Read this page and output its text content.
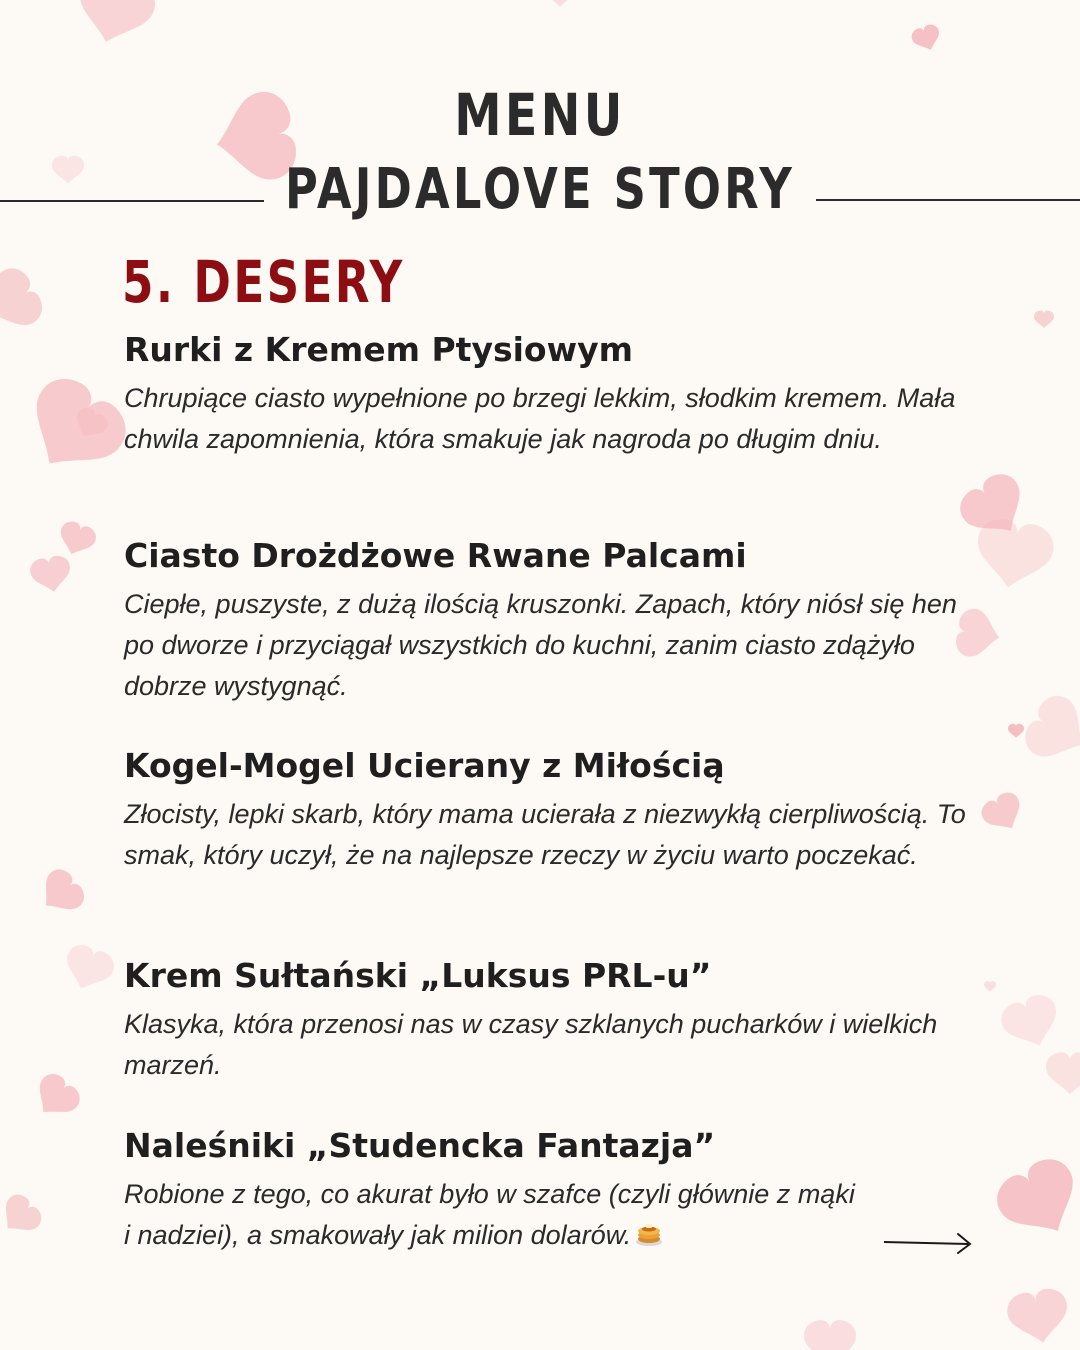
MENU
PAJDALOVE STORY
5. DESERY
Rurki z Kremem Ptysiowym
Chrupiące ciasto wypełnione po brzegi lekkim, słodkim kremem. Mała chwila zapomnienia, która smakuje jak nagroda po długim dniu.
Ciasto Drożdżowe Rwane Palcami
Ciepłe, puszyste, z dużą ilością kruszonki. Zapach, który niósł się hen po dworze i przyciągał wszystkich do kuchni, zanim ciasto zdążyło dobrze wystygnąć.
Kogel-Mogel Ucierany z Miłością
Złocisty, lepki skarb, który mama ucierała z niezwykłą cierpliwością. To smak, który uczył, że na najlepsze rzeczy w życiu warto poczekać.
Krem Sułtański „Luksus PRL-u”
Klasyka, która przenosi nas w czasy szklanych pucharków i wielkich marzeń.
Naleśniki „Studencka Fantazja”
Robione z tego, co akurat było w szafce (czyli głównie z mąki i nadziei), a smakowały jak milion dolarów.
